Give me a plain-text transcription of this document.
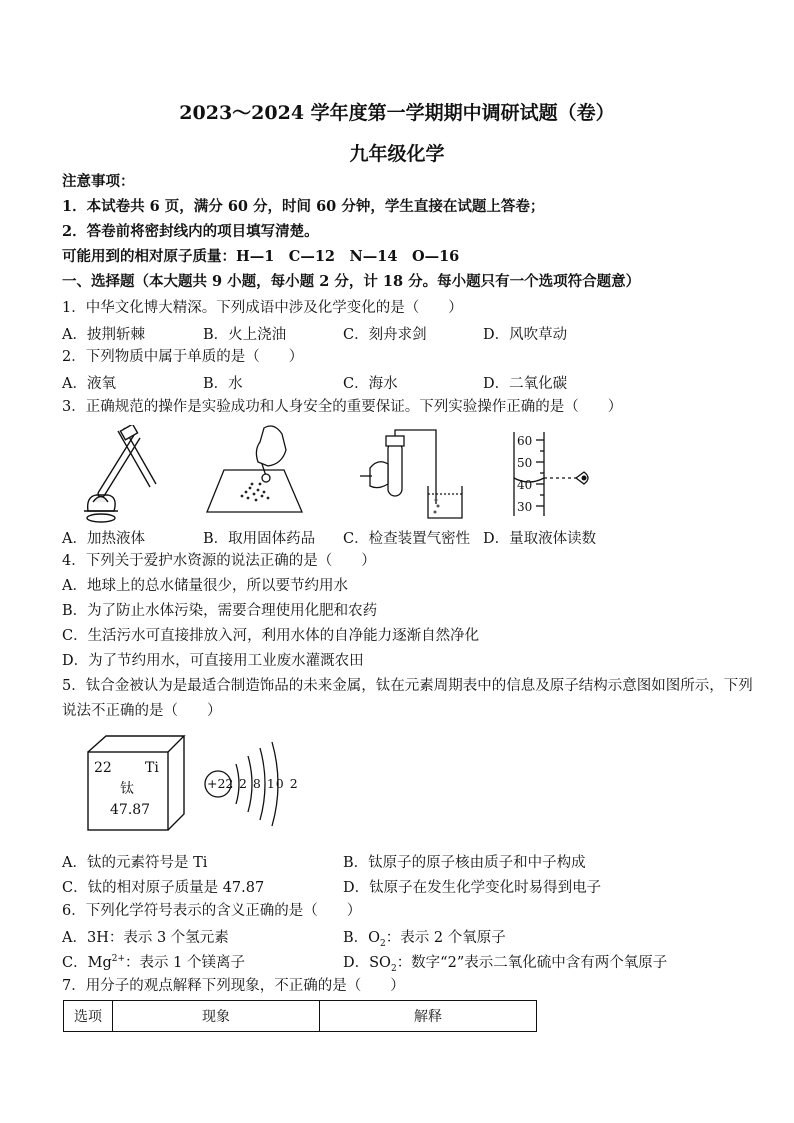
2023～2024 学年度第一学期期中调研试题（卷）
九年级化学
注意事项：
1．本试卷共 6 页，满分 60 分，时间 60 分钟，学生直接在试题上答卷；
2．答卷前将密封线内的项目填写清楚。
可能用到的相对原子质量：H—1　C—12　N—14　O—16
一、选择题（本大题共 9 小题，每小题 2 分，计 18 分。每小题只有一个选项符合题意）
1．中华文化博大精深。下列成语中涉及化学变化的是（　　）
A．披荆斩棘	B．火上浇油	C．刻舟求剑	D．风吹草动
2．下列物质中属于单质的是（　　）
A．液氧	B．水	C．海水	D．二氧化碳
3．正确规范的操作是实验成功和人身安全的重要保证。下列实验操作正确的是（　　）
60
50
40
30
A．加热液体	B．取用固体药品 C．检查装置气密性 D．量取液体读数
4．下列关于爱护水资源的说法正确的是（　　）
A．地球上的总水储量很少，所以要节约用水
B．为了防止水体污染，需要合理使用化肥和农药
C．生活污水可直接排放入河，利用水体的自净能力逐渐自然净化
D．为了节约用水，可直接用工业废水灌溉农田
5．钛合金被认为是最适合制造饰品的未来金属，钛在元素周期表中的信息及原子结构示意图如图所示，下列
说法不正确的是（　　）
22 Ti
钛
47.87
+22 2 8 10 2
A．钛的元素符号是 Ti	B．钛原子的原子核由质子和中子构成
C．钛的相对原子质量是 47.87	D．钛原子在发生化学变化时易得到电子
6．下列化学符号表示的含义正确的是（　　）
A．3H：表示 3 个氢元素	B．$O_2$：表示 2 个氧原子
C．$Mg^{2+}$：表示 1 个镁离子	D．$SO_2$：数字“2”表示二氧化硫中含有两个氧原子
7．用分子的观点解释下列现象，不正确的是（　　）
选项	现象	解释
